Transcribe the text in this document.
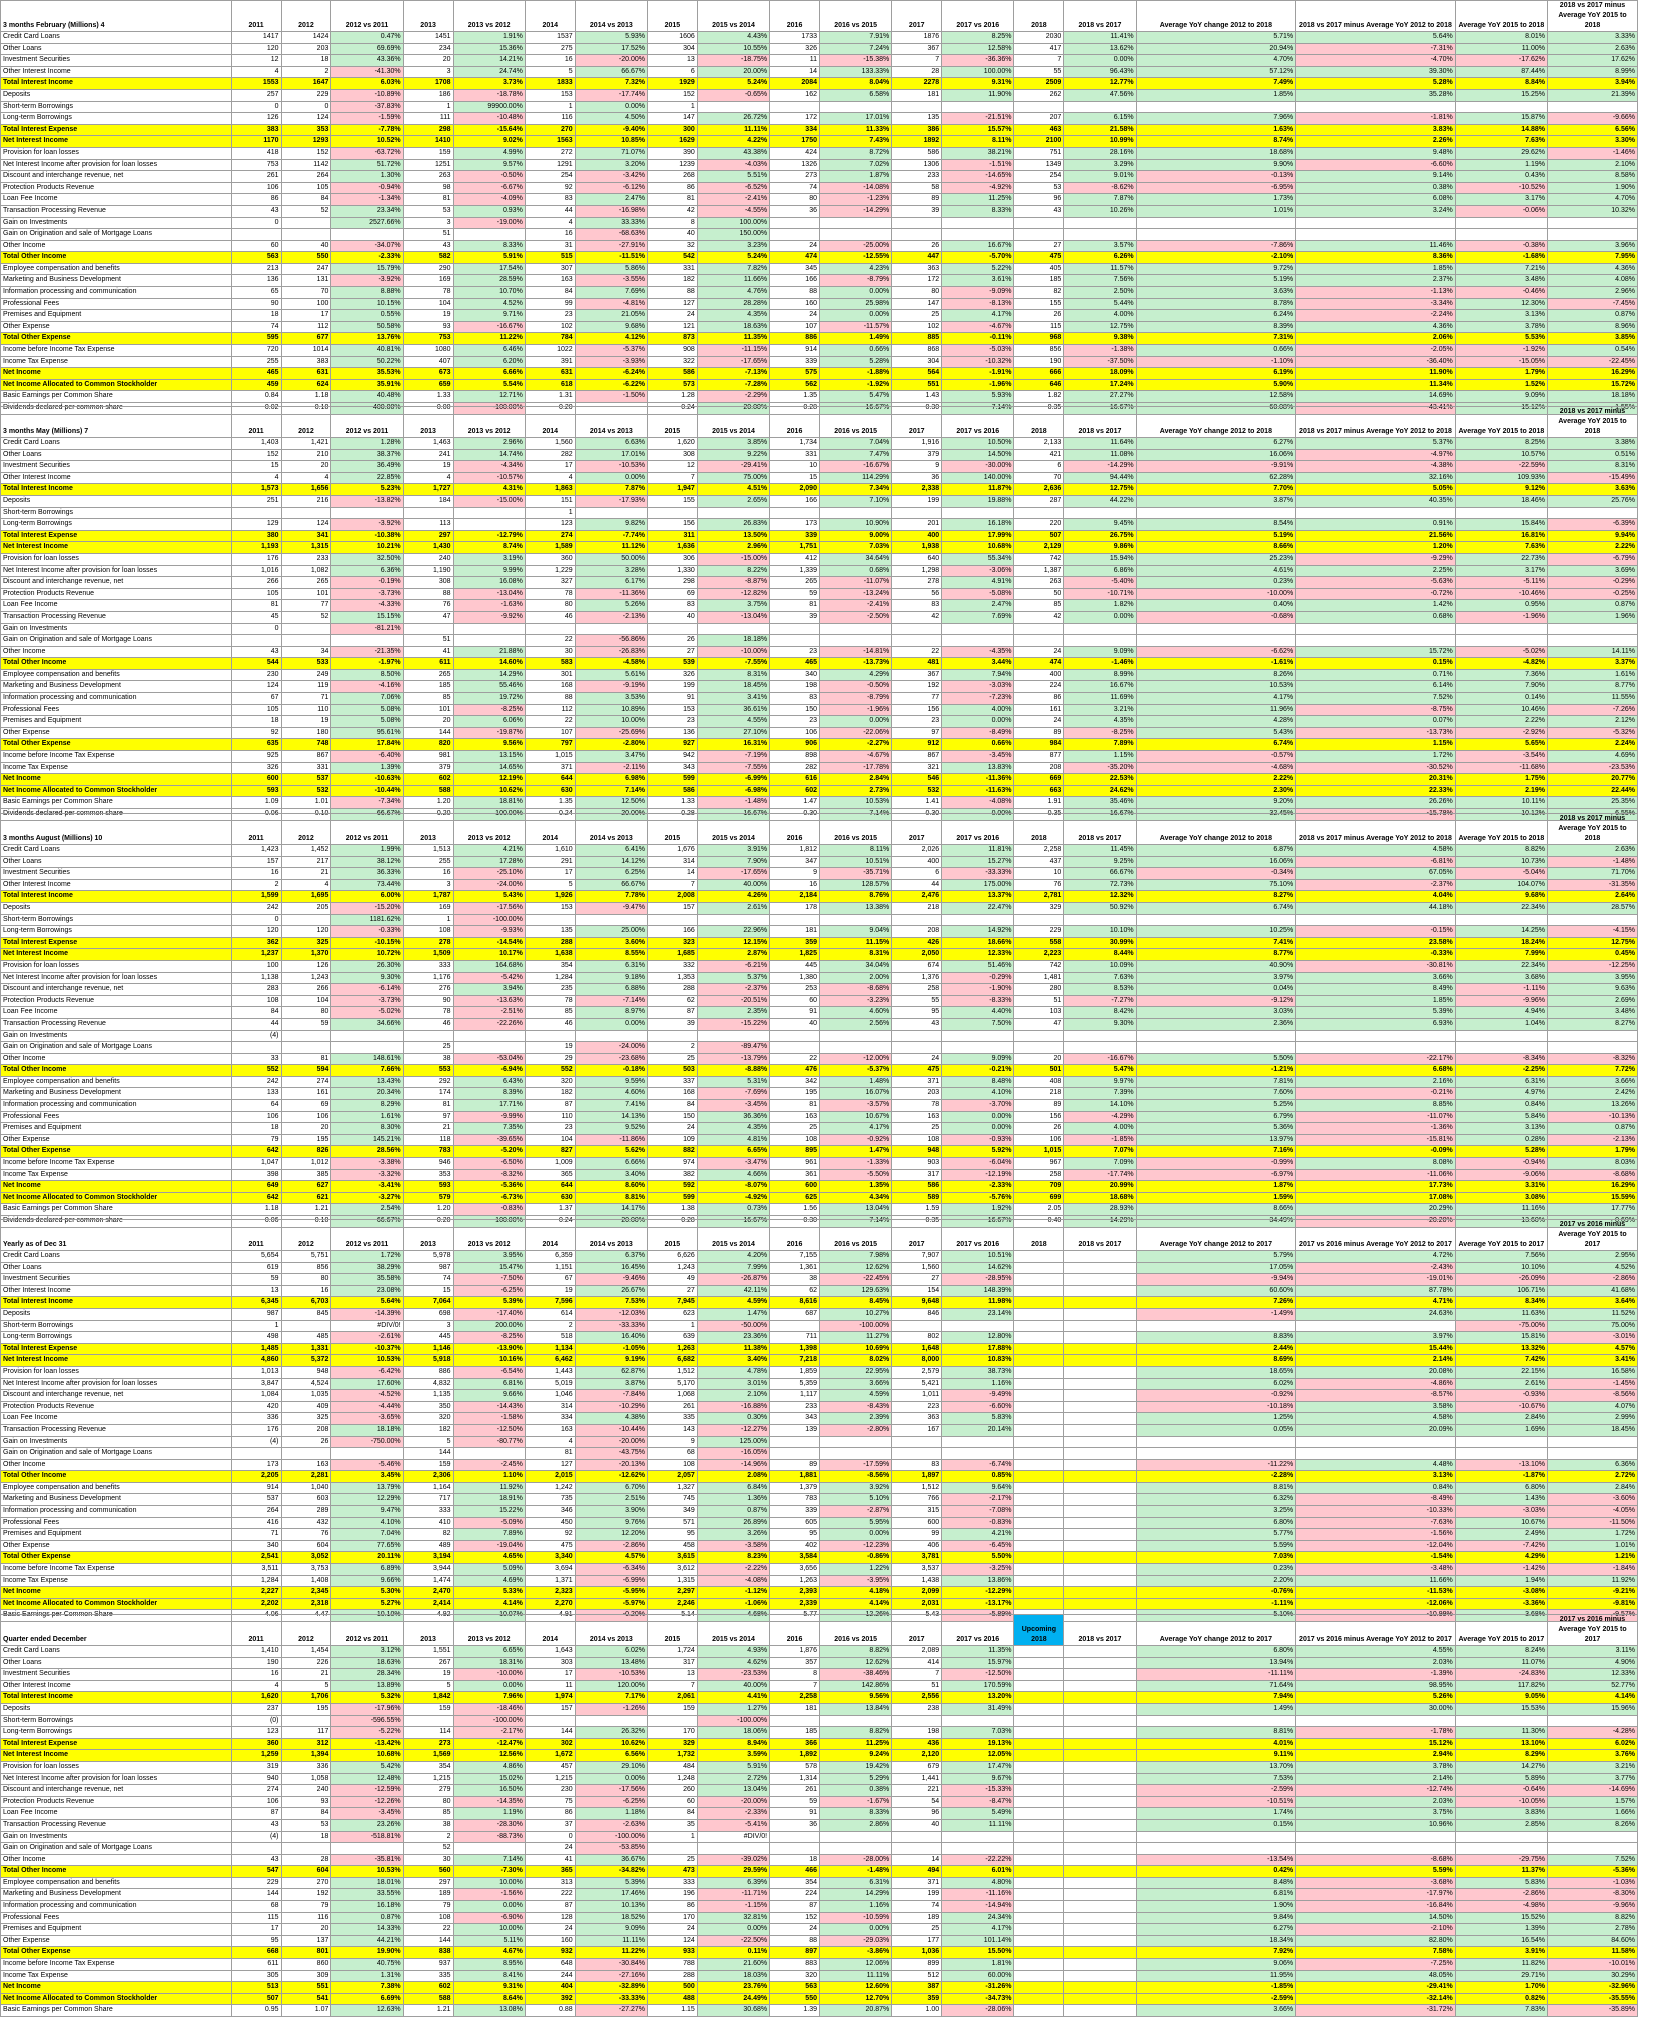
3 months February (Millions) 4	2011	2012	2012 vs 2011	2013	2013 vs 2012	2014	2014 vs 2013	2015	2015 vs 2014	2016	2016 vs 2015	2017	2017 vs 2016	2018	2018 vs 2017	Average YoY change 2012 to 2018	2018 vs 2017 minus Average YoY 2012 to 2018	Average YoY 2015 to 2018	2018 vs 2017 minus Average YoY 2015 to 2018
Credit Card Loans	1417	1424	0.47%	1451	1.91%	1537	5.93%	1606	4.43%	1733	7.91%	1876	8.25%	2030	11.41%	5.71%	5.64%	8.01%	3.33%
Other Loans	120	203	69.69%	234	15.36%	275	17.52%	304	10.55%	326	7.24%	367	12.58%	417	13.62%	20.94%	-7.31%	11.00%	2.63%
Investment Securities	12	18	43.36%	20	14.21%	16	-20.00%	13	-18.75%	11	-15.38%	7	-36.36%	7	0.00%	4.70%	-4.70%	-17.62%	17.62%
Other Interest Income	4	2	-41.30%	3	24.74%	5	66.67%	6	20.00%	14	133.33%	28	100.00%	55	96.43%	57.12%	39.30%	87.44%	8.99%
Total Interest Income	1553	1647	6.03%	1708	3.73%	1833	7.32%	1929	5.24%	2084	8.04%	2278	9.31%	2509	12.77%	7.49%	5.28%	8.84%	3.94%
Deposits	257	229	-10.89%	186	-18.78%	153	-17.74%	152	-0.65%	162	6.58%	181	11.90%	262	47.56%	1.85%	35.28%	15.25%	21.39%
Short-term Borrowings	0	0	-37.83%	1	99900.00%	1	0.00%	1											
Long-term Borrowings	126	124	-1.59%	111	-10.48%	116	4.50%	147	26.72%	172	17.01%	135	-21.51%	207	6.15%	7.96%	-1.81%	15.87%	-9.66%
Total Interest Expense	383	353	-7.78%	298	-15.64%	270	-9.40%	300	11.11%	334	11.33%	386	15.57%	463	21.58%	1.63%	3.83%	14.88%	6.56%
Net Interest Income	1170	1293	10.52%	1410	9.02%	1563	10.85%	1629	4.22%	1750	7.43%	1892	8.11%	2100	10.99%	8.74%	2.26%	7.63%	3.30%
Provision for loan losses	418	152	-63.72%	159	4.99%	272	71.07%	390	43.38%	424	8.72%	586	38.21%	751	28.16%	18.68%	9.48%	29.62%	-1.46%
Net Interest Income after provision for loan losses	753	1142	51.72%	1251	9.57%	1291	3.20%	1239	-4.03%	1326	7.02%	1306	-1.51%	1349	3.29%	9.90%	-6.60%	1.19%	2.10%
Discount and interchange revenue, net	261	264	1.30%	263	-0.50%	254	-3.42%	268	5.51%	273	1.87%	233	-14.65%	254	9.01%	-0.13%	9.14%	0.43%	8.58%
Protection Products Revenue	106	105	-0.94%	98	-6.67%	92	-6.12%	86	-6.52%	74	-14.08%	58	-4.92%	53	-8.62%	-6.95%	0.38%	-10.52%	1.90%
Loan Fee Income	86	84	-1.34%	81	-4.09%	83	2.47%	81	-2.41%	80	-1.23%	89	11.25%	96	7.87%	1.73%	6.08%	3.17%	4.70%
Transaction Processing Revenue	43	52	23.34%	53	0.93%	44	-16.98%	42	-4.55%	36	-14.29%	39	8.33%	43	10.26%	1.01%	3.24%	-0.06%	10.32%
Gain on Investments	0		2527.66%	3	-19.00%	4	33.33%	8	100.00%										
Gain on Origination and sale of Mortgage Loans				51		16	-68.63%	40	150.00%										
Other Income	60	40	-34.07%	43	8.33%	31	-27.91%	32	3.23%	24	-25.00%	26	16.67%	27	3.57%	-7.86%	11.46%	-0.38%	3.96%
Total Other Income	563	550	-2.33%	582	5.91%	515	-11.51%	542	5.24%	474	-12.55%	447	-5.70%	475	6.26%	-2.10%	8.36%	-1.68%	7.95%
Employee compensation and benefits	213	247	15.79%	290	17.54%	307	5.86%	331	7.82%	345	4.23%	363	5.22%	405	11.57%	9.72%	1.85%	7.21%	4.36%
Marketing and Business Development	136	131	-3.92%	169	28.59%	163	-3.55%	182	11.66%	166	-8.79%	172	3.61%	185	7.56%	5.19%	2.37%	3.48%	4.08%
Information processing and communication	65	70	8.88%	78	10.70%	84	7.69%	88	4.76%	88	0.00%	80	-9.09%	82	2.50%	3.63%	-1.13%	-0.46%	2.96%
Professional Fees	90	100	10.15%	104	4.52%	99	-4.81%	127	28.28%	160	25.98%	147	-8.13%	155	5.44%	8.78%	-3.34%	12.30%	-7.45%
Premises and Equipment	18	17	0.55%	19	9.71%	23	21.05%	24	4.35%	24	0.00%	25	4.17%	26	4.00%	6.24%	-2.24%	3.13%	0.87%
Other Expense	74	112	50.58%	93	-16.67%	102	9.68%	121	18.63%	107	-11.57%	102	-4.67%	115	12.75%	8.39%	4.36%	3.78%	8.96%
Total Other Expense	595	677	13.76%	753	11.22%	784	4.12%	873	11.35%	886	1.49%	885	-0.11%	968	9.38%	7.31%	2.06%	5.53%	3.85%
Income before Income Tax Expense	720	1014	40.81%	1080	6.46%	1022	-5.37%	908	-11.15%	914	0.66%	868	-5.03%	856	-1.38%	0.66%	-2.05%	-1.92%	0.54%
Income Tax Expense	255	383	50.22%	407	6.20%	391	-3.93%	322	-17.65%	339	5.28%	304	-10.32%	190	-37.50%	-1.10%	-36.40%	-15.05%	-22.45%
Net Income	465	631	35.53%	673	6.66%	631	-6.24%	586	-7.13%	575	-1.88%	564	-1.91%	666	18.09%	6.19%	11.90%	1.79%	16.29%
Net Income Allocated to Common Stockholder	459	624	35.91%	659	5.54%	618	-6.22%	573	-7.28%	562	-1.92%	551	-1.96%	646	17.24%	5.90%	11.34%	1.52%	15.72%
Basic Earnings per Common Share	0.84	1.18	40.48%	1.33	12.71%	1.31	-1.50%	1.28	-2.29%	1.35	5.47%	1.43	5.93%	1.82	27.27%	12.58%	14.69%	9.09%	18.18%
Dividends declared per common share	0.02	0.10	400.00%	0.00	-100.00%	0.20		0.24	20.00%	0.28	16.67%	0.30	7.14%	0.35	16.67%	60.08%	-43.41%	15.12%	1.55%
3 months May (Millions) 7	2011	2012	2012 vs 2011	2013	2013 vs 2012	2014	2014 vs 2013	2015	2015 vs 2014	2016	2016 vs 2015	2017	2017 vs 2016	2018	2018 vs 2017	Average YoY change 2012 to 2018	2018 vs 2017 minus Average YoY 2012 to 2018	Average YoY 2015 to 2018	2018 vs 2017 minus Average YoY 2015 to 2018
Credit Card Loans	1,403	1,421	1.28%	1,463	2.96%	1,560	6.63%	1,620	3.85%	1,734	7.04%	1,916	10.50%	2,133	11.64%	6.27%	5.37%	8.25%	3.38%
Other Loans	152	210	38.37%	241	14.74%	282	17.01%	308	9.22%	331	7.47%	379	14.50%	421	11.08%	16.06%	-4.97%	10.57%	0.51%
Investment Securities	15	20	36.49%	19	-4.34%	17	-10.53%	12	-29.41%	10	-16.67%	9	-30.00%	6	-14.29%	-9.91%	-4.38%	-22.59%	8.31%
Other Interest Income	4	4	22.85%	4	-10.57%	4	0.00%	7	75.00%	15	114.29%	36	140.00%	70	94.44%	62.28%	32.16%	109.93%	-15.49%
Total Interest Income	1,573	1,656	5.23%	1,727	4.31%	1,863	7.87%	1,947	4.51%	2,090	7.34%	2,338	11.87%	2,636	12.75%	7.70%	5.05%	9.12%	3.63%
Deposits	251	216	-13.82%	184	-15.00%	151	-17.93%	155	2.65%	166	7.10%	199	19.88%	287	44.22%	3.87%	40.35%	18.46%	25.76%
Short-term Borrowings						1													
Long-term Borrowings	129	124	-3.92%	113		123	9.82%	156	26.83%	173	10.90%	201	16.18%	220	9.45%	8.54%	0.91%	15.84%	-6.39%
Total Interest Expense	380	341	-10.38%	297	-12.79%	274	-7.74%	311	13.50%	339	9.00%	400	17.99%	507	26.75%	5.19%	21.56%	16.81%	9.94%
Net Interest Income	1,193	1,315	10.21%	1,430	8.74%	1,589	11.12%	1,636	2.96%	1,751	7.03%	1,938	10.68%	2,129	9.86%	8.66%	1.20%	7.63%	2.22%
Provision for loan losses	176	233	32.50%	240	3.19%	360	50.00%	306	-15.00%	412	34.64%	640	55.34%	742	15.94%	25.23%	-9.29%	22.73%	-6.79%
Net Interest Income after provision for loan losses	1,016	1,082	6.36%	1,190	9.99%	1,229	3.28%	1,330	8.22%	1,339	0.68%	1,298	-3.06%	1,387	6.86%	4.61%	2.25%	3.17%	3.69%
Discount and interchange revenue, net	266	265	-0.19%	308	16.08%	327	6.17%	298	-8.87%	265	-11.07%	278	4.91%	263	-5.40%	0.23%	-5.63%	-5.11%	-0.29%
Protection Products Revenue	105	101	-3.73%	88	-13.04%	78	-11.36%	69	-12.82%	59	-13.24%	56	-5.08%	50	-10.71%	-10.00%	-0.72%	-10.46%	-0.25%
Loan Fee Income	81	77	-4.33%	76	-1.63%	80	5.26%	83	3.75%	81	-2.41%	83	2.47%	85	1.82%	0.40%	1.42%	0.95%	0.87%
Transaction Processing Revenue	45	52	15.15%	47	-9.92%	46	-2.13%	40	-13.04%	39	-2.50%	42	7.69%	42	0.00%	-0.68%	0.68%	-1.96%	1.96%
Gain on Investments	0		-81.21%																
Gain on Origination and sale of Mortgage Loans				51		22	-56.86%	26	18.18%										
Other Income	43	34	-21.35%	41	21.88%	30	-26.83%	27	-10.00%	23	-14.81%	22	-4.35%	24	9.09%	-6.62%	15.72%	-5.02%	14.11%
Total Other Income	544	533	-1.97%	611	14.60%	583	-4.58%	539	-7.55%	465	-13.73%	481	3.44%	474	-1.46%	-1.61%	0.15%	-4.82%	3.37%
Employee compensation and benefits	230	249	8.50%	265	14.29%	301	5.61%	326	8.31%	340	4.29%	367	7.94%	400	8.99%	8.26%	0.71%	7.36%	1.61%
Marketing and Business Development	124	119	-4.16%	185	55.46%	168	-9.19%	199	18.45%	198	-0.50%	192	-3.03%	224	16.67%	10.53%	6.14%	7.90%	8.77%
Information processing and communication	67	71	7.06%	85	19.72%	88	3.53%	91	3.41%	83	-8.79%	77	-7.23%	86	11.69%	4.17%	7.52%	0.14%	11.55%
Professional Fees	105	110	5.08%	101	-8.25%	112	10.89%	153	36.61%	150	-1.96%	156	4.00%	161	3.21%	11.96%	-8.75%	10.46%	-7.26%
Premises and Equipment	18	19	5.08%	20	6.06%	22	10.00%	23	4.55%	23	0.00%	23	0.00%	24	4.35%	4.28%	0.07%	2.22%	2.12%
Other Expense	92	180	95.61%	144	-19.87%	107	-25.69%	136	27.10%	106	-22.06%	97	-8.49%	89	-8.25%	5.43%	-13.73%	-2.92%	-5.32%
Total Other Expense	635	748	17.84%	820	9.56%	797	-2.80%	927	16.31%	906	-2.27%	912	0.66%	984	7.89%	6.74%	1.15%	5.65%	2.24%
Income before Income Tax Expense	925	867	-6.40%	981	13.15%	1,015	3.47%	942	-7.19%	898	-4.67%	867	-3.45%	877	1.15%	-0.57%	1.72%	-3.54%	4.69%
Income Tax Expense	326	331	1.39%	379	14.65%	371	-2.11%	343	-7.55%	282	-17.78%	321	13.83%	208	-35.20%	-4.68%	-30.52%	-11.68%	-23.53%
Net Income	600	537	-10.63%	602	12.19%	644	6.98%	599	-6.99%	616	2.84%	546	-11.36%	669	22.53%	2.22%	20.31%	1.75%	20.77%
Net Income Allocated to Common Stockholder	593	532	-10.44%	588	10.62%	630	7.14%	586	-6.98%	602	2.73%	532	-11.63%	663	24.62%	2.30%	22.33%	2.19%	22.44%
Basic Earnings per Common Share	1.09	1.01	-7.34%	1.20	18.81%	1.35	12.50%	1.33	-1.48%	1.47	10.53%	1.41	-4.08%	1.91	35.46%	9.20%	26.26%	10.11%	25.35%
Dividends declared per common share	0.06	0.10	66.67%	0.20	100.00%	0.24	20.00%	0.28	16.67%	0.30	7.14%	0.30	0.00%	0.35	16.67%	32.45%	-15.78%	10.12%	6.55%
3 months August (Millions) 10	2011	2012	2012 vs 2011	2013	2013 vs 2012	2014	2014 vs 2013	2015	2015 vs 2014	2016	2016 vs 2015	2017	2017 vs 2016	2018	2018 vs 2017	Average YoY change 2012 to 2018	2018 vs 2017 minus Average YoY 2012 to 2018	Average YoY 2015 to 2018	2018 vs 2017 minus Average YoY 2015 to 2018
Credit Card Loans	1,423	1,452	1.99%	1,513	4.21%	1,610	6.41%	1,676	3.91%	1,812	8.11%	2,026	11.81%	2,258	11.45%	6.87%	4.58%	8.82%	2.63%
Other Loans	157	217	38.12%	255	17.28%	291	14.12%	314	7.90%	347	10.51%	400	15.27%	437	9.25%	16.06%	-6.81%	10.73%	-1.48%
Investment Securities	16	21	36.33%	16	-25.10%	17	6.25%	14	-17.65%	9	-35.71%	6	-33.33%	10	66.67%	-0.34%	67.05%	-5.04%	71.70%
Other Interest Income	2	4	73.44%	3	-24.00%	5	66.67%	7	40.00%	16	128.57%	44	175.00%	76	72.73%	75.10%	-2.37%	104.07%	-31.35%
Total Interest Income	1,599	1,695	6.00%	1,787	5.43%	1,926	7.78%	2,008	4.26%	2,184	8.76%	2,476	13.37%	2,781	12.32%	8.27%	4.04%	9.68%	2.64%
Deposits	242	205	-15.20%	169	-17.56%	153	-9.47%	157	2.61%	178	13.38%	218	22.47%	329	50.92%	6.74%	44.18%	22.34%	28.57%
Short-term Borrowings	0		1181.62%	1	-100.00%														
Long-term Borrowings	120	120	-0.33%	108	-9.93%	135	25.00%	166	22.96%	181	9.04%	208	14.92%	229	10.10%	10.25%	-0.15%	14.25%	-4.15%
Total Interest Expense	362	325	-10.15%	278	-14.54%	288	3.60%	323	12.15%	359	11.15%	426	18.66%	558	30.99%	7.41%	23.58%	18.24%	12.75%
Net Interest Income	1,237	1,370	10.72%	1,509	10.17%	1,638	8.55%	1,685	2.87%	1,825	8.31%	2,050	12.33%	2,223	8.44%	8.77%	-0.33%	7.99%	0.45%
Provision for loan losses	100	126	26.30%	333	164.68%	354	6.31%	332	-6.21%	445	34.04%	674	51.46%	742	10.09%	40.90%	-30.81%	22.34%	-12.25%
Net Interest Income after provision for loan losses	1,138	1,243	9.30%	1,176	-5.42%	1,284	9.18%	1,353	5.37%	1,380	2.00%	1,376	-0.29%	1,481	7.63%	3.97%	3.66%	3.68%	3.95%
Discount and interchange revenue, net	283	266	-6.14%	276	3.94%	235	6.88%	288	-2.37%	253	-8.68%	258	-1.90%	280	8.53%	0.04%	8.49%	-1.11%	9.63%
Protection Products Revenue	108	104	-3.73%	90	-13.63%	78	-7.14%	62	-20.51%	60	-3.23%	55	-8.33%	51	-7.27%	-9.12%	1.85%	-9.96%	2.69%
Loan Fee Income	84	80	-5.02%	78	-2.51%	85	8.97%	87	2.35%	91	4.60%	95	4.40%	103	8.42%	3.03%	5.39%	4.94%	3.48%
Transaction Processing Revenue	44	59	34.66%	46	-22.26%	46	0.00%	39	-15.22%	40	2.56%	43	7.50%	47	9.30%	2.36%	6.93%	1.04%	8.27%
Gain on Investments	(4)																		
Gain on Origination and sale of Mortgage Loans				25		19	-24.00%	2	-89.47%										
Other Income	33	81	148.61%	38	-53.04%	29	-23.68%	25	-13.79%	22	-12.00%	24	9.09%	20	-16.67%	5.50%	-22.17%	-8.34%	-8.32%
Total Other Income	552	594	7.66%	553	-6.94%	552	-0.18%	503	-8.88%	476	-5.37%	475	-0.21%	501	5.47%	-1.21%	6.68%	-2.25%	7.72%
Employee compensation and benefits	242	274	13.43%	292	6.43%	320	9.59%	337	5.31%	342	1.48%	371	8.48%	408	9.97%	7.81%	2.16%	6.31%	3.66%
Marketing and Business Development	133	161	20.34%	174	8.39%	182	4.60%	168	-7.69%	195	16.07%	203	4.10%	218	7.39%	7.60%	-0.21%	4.97%	2.42%
Information processing and communication	64	69	8.29%	81	17.71%	87	7.41%	84	-3.45%	81	-3.57%	78	-3.70%	89	14.10%	5.25%	8.85%	0.84%	13.26%
Professional Fees	106	106	1.61%	97	-9.99%	110	14.13%	150	36.36%	163	10.67%	163	0.00%	156	-4.29%	6.79%	-11.07%	5.84%	-10.13%
Premises and Equipment	18	20	8.30%	21	7.35%	23	9.52%	24	4.35%	25	4.17%	25	0.00%	26	4.00%	5.36%	-1.36%	3.13%	0.87%
Other Expense	79	195	145.21%	118	-39.65%	104	-11.86%	109	4.81%	108	-0.92%	108	-0.93%	106	-1.85%	13.97%	-15.81%	0.28%	-2.13%
Total Other Expense	642	826	28.56%	783	-5.20%	827	5.62%	882	6.65%	895	1.47%	948	5.92%	1,015	7.07%	7.16%	-0.09%	5.28%	1.79%
Income before Income Tax Expense	1,047	1,012	-3.38%	946	-6.50%	1,009	6.66%	974	-3.47%	961	-1.33%	903	-6.04%	967	7.09%	-0.99%	8.08%	-0.94%	8.03%
Income Tax Expense	398	385	-3.32%	353	-8.32%	365	3.40%	382	4.66%	361	-5.50%	317	-12.19%	258	-17.74%	-6.97%	-11.06%	-9.06%	-8.68%
Net Income	649	627	-3.41%	593	-5.36%	644	8.60%	592	-8.07%	600	1.35%	586	-2.33%	709	20.99%	1.87%	17.73%	3.31%	16.29%
Net Income Allocated to Common Stockholder	642	621	-3.27%	579	-6.73%	630	8.81%	599	-4.92%	625	4.34%	589	-5.76%	699	18.68%	1.59%	17.08%	3.08%	15.59%
Basic Earnings per Common Share	1.18	1.21	2.54%	1.20	-0.83%	1.37	14.17%	1.38	0.73%	1.56	13.04%	1.59	1.92%	2.05	28.93%	8.66%	20.29%	11.16%	17.77%
Dividends declared per common share	0.06	0.10	66.67%	0.20	100.00%	0.24	20.00%	0.28	16.67%	0.30	7.14%	0.35	16.67%	0.40	14.29%	34.49%	-20.20%	13.60%	0.69%
Yearly as of Dec 31	2011	2012	2012 vs 2011	2013	2013 vs 2012	2014	2014 vs 2013	2015	2015 vs 2014	2016	2016 vs 2015	2017	2017 vs 2016	2018	2018 vs 2017	Average YoY change 2012 to 2017	2017 vs 2016 minus Average YoY 2012 to 2017	Average YoY 2015 to 2017	2017 vs 2016 minus Average YoY 2015 to 2017
Credit Card Loans	5,654	5,751	1.72%	5,978	3.95%	6,359	6.37%	6,626	4.20%	7,155	7.98%	7,907	10.51%			5.79%	4.72%	7.56%	2.95%
Other Loans	619	856	38.29%	987	15.47%	1,151	16.45%	1,243	7.99%	1,361	12.62%	1,560	14.62%			17.05%	-2.43%	10.10%	4.52%
Investment Securities	59	80	35.58%	74	-7.50%	67	-9.46%	49	-26.87%	38	-22.45%	27	-28.95%			-9.94%	-19.01%	-26.09%	-2.86%
Other Interest Income	13	16	23.08%	15	-6.25%	19	26.67%	27	42.11%	62	129.63%	154	148.39%			60.60%	87.78%	106.71%	41.68%
Total Interest Income	6,345	6,703	5.64%	7,064	5.39%	7,596	7.53%	7,945	4.59%	8,616	8.45%	9,648	11.98%			7.26%	4.71%	8.34%	3.64%
Deposits	987	845	-14.39%	698	-17.40%	614	-12.03%	623	1.47%	687	10.27%	846	23.14%			-1.49%	24.63%	11.63%	11.52%
Short-term Borrowings	1		#DIV/0!	3	200.00%	2	-33.33%	1	-50.00%		-100.00%							-75.00%	75.00%
Long-term Borrowings	498	485	-2.61%	445	-8.25%	518	16.40%	639	23.36%	711	11.27%	802	12.80%			8.83%	3.97%	15.81%	-3.01%
Total Interest Expense	1,485	1,331	-10.37%	1,146	-13.90%	1,134	-1.05%	1,263	11.38%	1,398	10.69%	1,648	17.88%			2.44%	15.44%	13.32%	4.57%
Net Interest Income	4,860	5,372	10.53%	5,918	10.16%	6,462	9.19%	6,682	3.40%	7,218	8.02%	8,000	10.83%			8.69%	2.14%	7.42%	3.41%
Provision for loan losses	1,013	948	-6.42%	886	-6.54%	1,443	62.87%	1,512	4.78%	1,859	22.95%	2,579	38.73%			18.65%	20.08%	22.15%	16.58%
Net Interest Income after provision for loan losses	3,847	4,524	17.60%	4,832	6.81%	5,019	3.87%	5,170	3.01%	5,359	3.66%	5,421	1.16%			6.02%	-4.86%	2.61%	-1.45%
Discount and interchange revenue, net	1,084	1,035	-4.52%	1,135	9.66%	1,046	-7.84%	1,068	2.10%	1,117	4.59%	1,011	-9.49%			-0.92%	-8.57%	-0.93%	-8.56%
Protection Products Revenue	420	409	-4.44%	350	-14.43%	314	-10.29%	261	-16.88%	233	-8.43%	223	-6.60%			-10.18%	3.58%	-10.67%	4.07%
Loan Fee Income	336	325	-3.65%	320	-1.58%	334	4.38%	335	0.30%	343	2.39%	363	5.83%			1.25%	4.58%	2.84%	2.99%
Transaction Processing Revenue	176	208	18.18%	182	-12.50%	163	-10.44%	143	-12.27%	139	-2.80%	167	20.14%			0.05%	20.09%	1.69%	18.45%
Gain on Investments	(4)	26	-750.00%	5	-80.77%	4	-20.00%	9	125.00%										
Gain on Origination and sale of Mortgage Loans				144		81	-43.75%	68	-16.05%										
Other Income	173	163	-5.46%	159	-2.45%	127	-20.13%	108	-14.96%	89	-17.59%	83	-6.74%			-11.22%	4.48%	-13.10%	6.36%
Total Other Income	2,205	2,281	3.45%	2,306	1.10%	2,015	-12.62%	2,057	2.08%	1,881	-8.56%	1,897	0.85%			-2.28%	3.13%	-1.87%	2.72%
Employee compensation and benefits	914	1,040	13.79%	1,164	11.92%	1,242	6.70%	1,327	6.84%	1,379	3.92%	1,512	9.64%			8.81%	0.84%	6.80%	2.84%
Marketing and Business Development	537	603	12.29%	717	18.91%	735	2.51%	745	1.36%	783	5.10%	766	-2.17%			6.32%	-8.49%	1.43%	-3.60%
Information processing and communication	264	289	9.47%	333	15.22%	346	3.90%	349	0.87%	339	-2.87%	315	-7.08%			3.25%	-10.33%	-3.03%	-4.05%
Professional Fees	416	432	4.10%	410	-5.09%	450	9.76%	571	26.89%	605	5.95%	600	-0.83%			6.80%	-7.63%	10.67%	-11.50%
Premises and Equipment	71	76	7.04%	82	7.89%	92	12.20%	95	3.26%	95	0.00%	99	4.21%			5.77%	-1.56%	2.49%	1.72%
Other Expense	340	604	77.65%	489	-19.04%	475	-2.86%	458	-3.58%	402	-12.23%	406	-6.45%			5.59%	-12.04%	-7.42%	1.01%
Total Other Expense	2,541	3,052	20.11%	3,194	4.65%	3,340	4.57%	3,615	8.23%	3,584	-0.86%	3,781	5.50%			7.03%	-1.54%	4.29%	1.21%
Income before Income Tax Expense	3,511	3,753	6.89%	3,944	5.09%	3,694	-6.34%	3,612	-2.22%	3,656	1.22%	3,537	-3.25%			0.23%	-3.48%	-1.42%	-1.84%
Income Tax Expense	1,284	1,408	9.66%	1,474	4.69%	1,371	-6.99%	1,315	-4.08%	1,263	-3.95%	1,438	13.86%			2.20%	11.66%	1.94%	11.92%
Net Income	2,227	2,345	5.30%	2,470	5.33%	2,323	-5.95%	2,297	-1.12%	2,393	4.18%	2,099	-12.29%			-0.76%	-11.53%	-3.08%	-9.21%
Net Income Allocated to Common Stockholder	2,202	2,318	5.27%	2,414	4.14%	2,270	-5.97%	2,246	-1.06%	2,339	4.14%	2,031	-13.17%			-1.11%	-12.06%	-3.36%	-9.81%
Basic Earnings per Common Share	4.06	4.47	10.10%	4.92	10.07%	4.91	-0.20%	5.14	4.68%	5.77	12.26%	5.43	-5.89%			5.10%	-10.99%	3.68%	-9.57%
Quarter ended December	2011	2012	2012 vs 2011	2013	2013 vs 2012	2014	2014 vs 2013	2015	2015 vs 2014	2016	2016 vs 2015	2017	2017 vs 2016	Upcoming 2018	2018 vs 2017	Average YoY change 2012 to 2017	2017 vs 2016 minus Average YoY 2012 to 2017	Average YoY 2015 to 2017	2017 vs 2016 minus Average YoY 2015 to 2017
Credit Card Loans	1,410	1,454	3.12%	1,551	6.65%	1,643	6.02%	1,724	4.93%	1,876	8.82%	2,089	11.35%			6.80%	4.55%	8.24%	3.11%
Other Loans	190	226	18.63%	267	18.31%	303	13.48%	317	4.62%	357	12.62%	414	15.97%			13.94%	2.03%	11.07%	4.90%
Investment Securities	16	21	28.34%	19	-10.00%	17	-10.53%	13	-23.53%	8	-38.46%	7	-12.50%			-11.11%	-1.39%	-24.83%	12.33%
Other Interest Income	4	5	13.89%	5	0.00%	11	120.00%	7	40.00%	7	142.86%	51	170.59%			71.64%	98.95%	117.82%	52.77%
Total Interest Income	1,620	1,706	5.32%	1,842	7.96%	1,974	7.17%	2,061	4.41%	2,258	9.56%	2,556	13.20%			7.94%	5.26%	9.05%	4.14%
Deposits	237	195	-17.96%	159	-18.46%	157	-1.26%	159	1.27%	181	13.84%	238	31.49%			1.49%	30.00%	15.53%	15.96%
Short-term Borrowings	(0)		-596.55%		-100.00%				-100.00%										
Long-term Borrowings	123	117	-5.22%	114	-2.17%	144	26.32%	170	18.06%	185	8.82%	198	7.03%			8.81%	-1.78%	11.30%	-4.28%
Total Interest Expense	360	312	-13.42%	273	-12.47%	302	10.62%	329	8.94%	366	11.25%	436	19.13%			4.01%	15.12%	13.10%	6.02%
Net Interest Income	1,259	1,394	10.68%	1,569	12.56%	1,672	6.56%	1,732	3.59%	1,892	9.24%	2,120	12.05%			9.11%	2.94%	8.29%	3.76%
Provision for loan losses	319	336	5.42%	354	4.86%	457	29.10%	484	5.91%	578	19.42%	679	17.47%			13.70%	3.78%	14.27%	3.21%
Net Interest Income after provision for loan losses	940	1,058	12.48%	1,215	15.02%	1,215	0.00%	1,248	2.72%	1,314	5.29%	1,441	9.67%			7.53%	2.14%	5.89%	3.77%
Discount and interchange revenue, net	274	240	-12.59%	279	16.50%	230	-17.56%	260	13.04%	261	0.38%	221	-15.33%			-2.59%	-12.74%	-0.64%	-14.69%
Protection Products Revenue	106	93	-12.26%	80	-14.35%	75	-6.25%	60	-20.00%	59	-1.67%	54	-8.47%			-10.51%	2.03%	-10.05%	1.57%
Loan Fee Income	87	84	-3.45%	85	1.19%	86	1.18%	84	-2.33%	91	8.33%	96	5.49%			1.74%	3.75%	3.83%	1.66%
Transaction Processing Revenue	43	53	23.26%	38	-28.30%	37	-2.63%	35	-5.41%	36	2.86%	40	11.11%			0.15%	10.96%	2.85%	8.26%
Gain on Investments	(4)	18	-518.81%	2	-88.73%	0	-100.00%	1	#DIV/0!										
Gain on Origination and sale of Mortgage Loans				52		24	-53.85%												
Other Income	43	28	-35.81%	30	7.14%	41	36.67%	25	-39.02%	18	-28.00%	14	-22.22%			-13.54%	-8.68%	-29.75%	7.52%
Total Other Income	547	604	10.53%	560	-7.30%	365	-34.82%	473	29.59%	466	-1.48%	494	6.01%			0.42%	5.59%	11.37%	-5.36%
Employee compensation and benefits	229	270	18.01%	297	10.00%	313	5.39%	333	6.39%	354	6.31%	371	4.80%			8.48%	-3.68%	5.83%	-1.03%
Marketing and Business Development	144	192	33.55%	189	-1.56%	222	17.46%	196	-11.71%	224	14.29%	199	-11.16%			6.81%	-17.97%	-2.86%	-8.30%
Information processing and communication	68	79	16.18%	79	0.00%	87	10.13%	86	-1.15%	87	1.16%	74	-14.94%			1.90%	-16.84%	-4.98%	-9.96%
Professional Fees	115	116	0.87%	108	-6.90%	128	18.52%	170	32.81%	152	-10.59%	189	24.34%			9.84%	14.50%	15.52%	8.82%
Premises and Equipment	17	20	14.33%	22	10.00%	24	9.09%	24	0.00%	24	0.00%	25	4.17%			6.27%	-2.10%	1.39%	2.78%
Other Expense	95	137	44.21%	144	5.11%	160	11.11%	124	-22.50%	88	-29.03%	177	101.14%			18.34%	82.80%	16.54%	84.60%
Total Other Expense	668	801	19.90%	838	4.67%	932	11.22%	933	0.11%	897	-3.86%	1,036	15.50%			7.92%	7.58%	3.91%	11.58%
Income before Income Tax Expense	611	860	40.75%	937	8.95%	648	-30.84%	788	21.60%	883	12.06%	899	1.81%			9.06%	-7.25%	11.82%	-10.01%
Income Tax Expense	305	309	1.31%	335	8.41%	244	-27.16%	288	18.03%	320	11.11%	512	60.00%			11.95%	48.05%	29.71%	30.29%
Net Income	513	551	7.38%	602	9.31%	404	-32.89%	500	23.76%	563	12.60%	387	-31.26%			-1.85%	-29.41%	1.70%	-32.96%
Net Income Allocated to Common Stockholder	507	541	6.69%	588	8.64%	392	-33.33%	488	24.49%	550	12.70%	359	-34.73%			-2.59%	-32.14%	0.82%	-35.55%
Basic Earnings per Common Share	0.95	1.07	12.63%	1.21	13.08%	0.88	-27.27%	1.15	30.68%	1.39	20.87%	1.00	-28.06%			3.66%	-31.72%	7.83%	-35.89%
